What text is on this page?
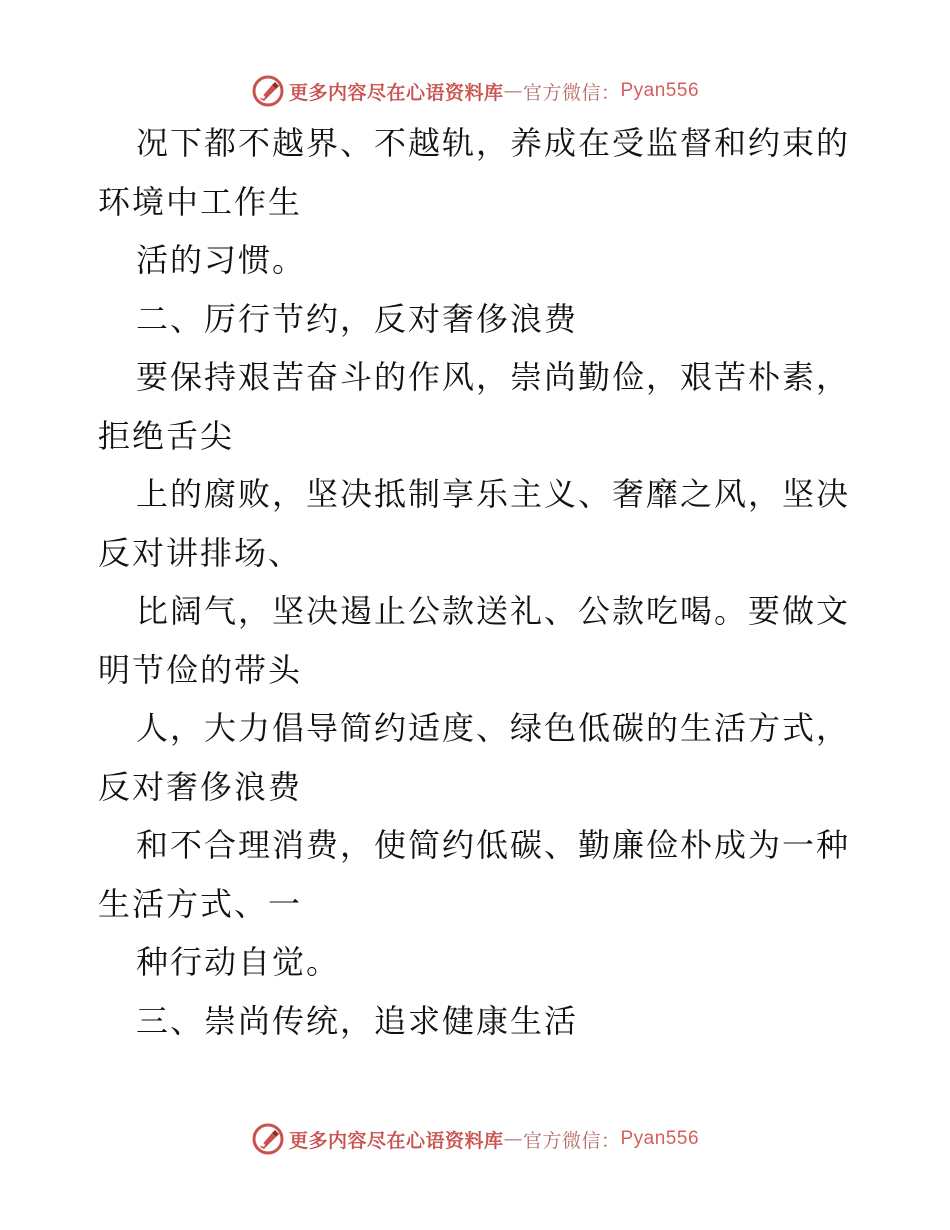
更多内容尽在心语资料库 — 官方微信： Pyan556
况下都不越界、不越轨，养成在受监督和约束的
环境中工作生
活的习惯。
二、厉行节约，反对奢侈浪费
要保持艰苦奋斗的作风，崇尚勤俭，艰苦朴素，
拒绝舌尖
上的腐败，坚决抵制享乐主义、奢靡之风，坚决
反对讲排场、
比阔气，坚决遏止公款送礼、公款吃喝。要做文
明节俭的带头
人，大力倡导简约适度、绿色低碳的生活方式，
反对奢侈浪费
和不合理消费，使简约低碳、勤廉俭朴成为一种
生活方式、一
种行动自觉。
三、崇尚传统，追求健康生活
更多内容尽在心语资料库 — 官方微信： Pyan556
